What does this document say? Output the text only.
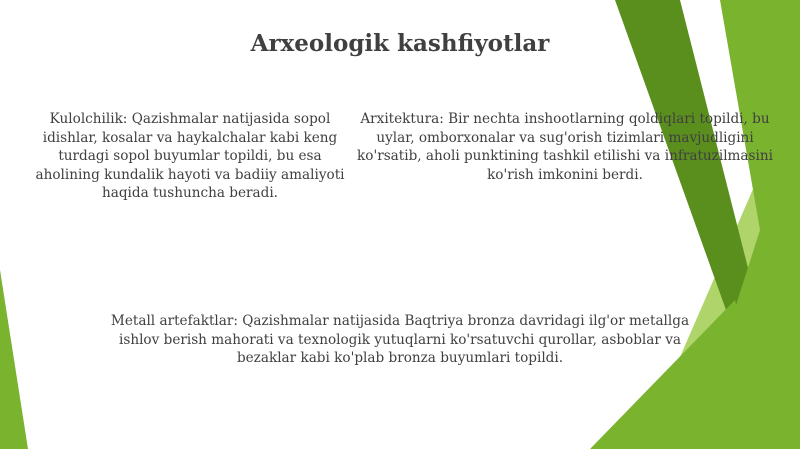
Arxeologik kashfiyotlar
Kulolchilik: Qazishmalar natijasida sopol idishlar, kosalar va haykalchalar kabi keng turdagi sopol buyumlar topildi, bu esa aholining kundalik hayoti va badiiy amaliyoti haqida tushuncha beradi.
Arxitektura: Bir nechta inshootlarning qoldiqlari topildi, bu uylar, omborxonalar va sug'orish tizimlari mavjudligini ko'rsatib, aholi punktining tashkil etilishi va infratuzilmasini ko'rish imkonini berdi.
Metall artefaktlar: Qazishmalar natijasida Baqtriya bronza davridagi ilg'or metallga ishlov berish mahorati va texnologik yutuqlarni ko'rsatuvchi qurollar, asboblar va bezaklar kabi ko'plab bronza buyumlari topildi.
